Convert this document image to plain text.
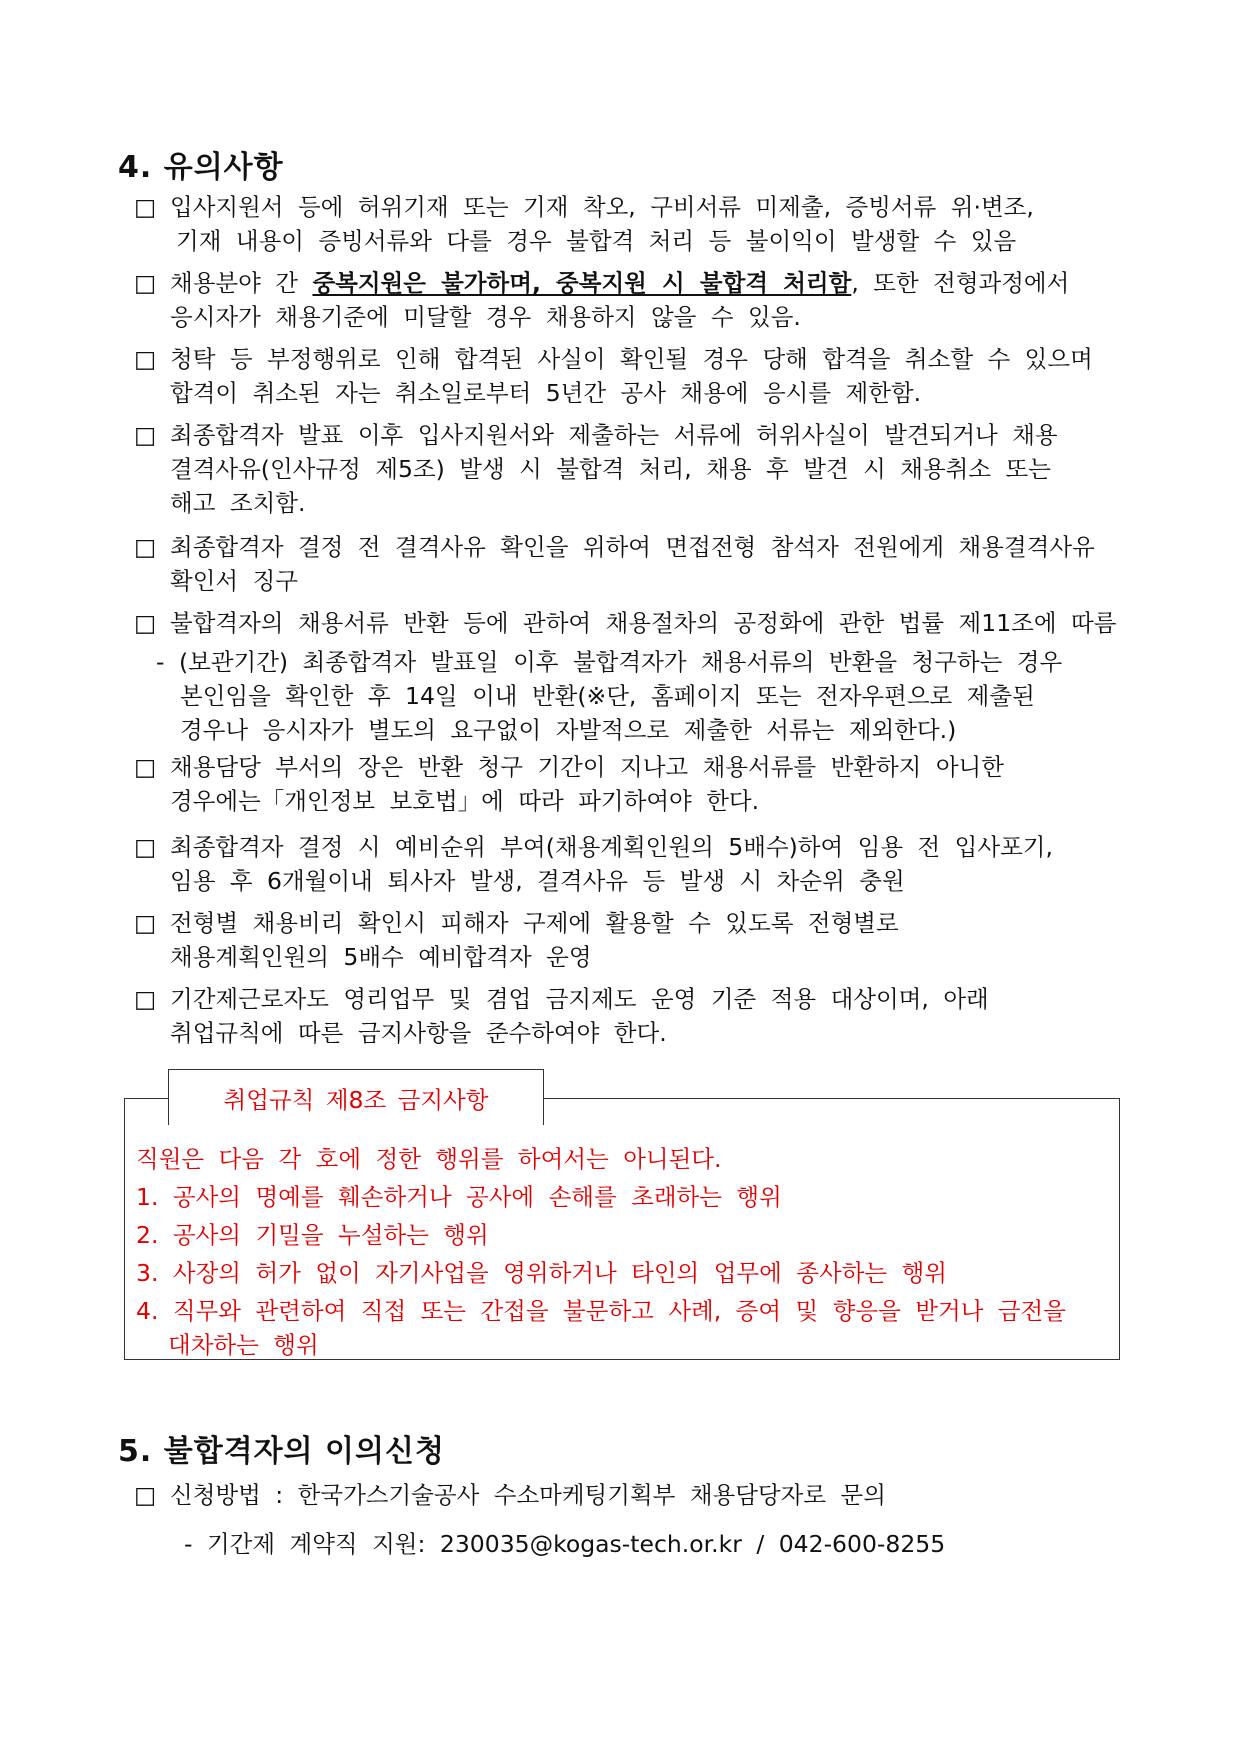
4. 유의사항
□ 입사지원서 등에 허위기재 또는 기재 착오, 구비서류 미제출, 증빙서류 위·변조,
기재 내용이 증빙서류와 다를 경우 불합격 처리 등 불이익이 발생할 수 있음
□ 채용분야 간 중복지원은 불가하며, 중복지원 시 불합격 처리함, 또한 전형과정에서
응시자가 채용기준에 미달할 경우 채용하지 않을 수 있음.
□ 청탁 등 부정행위로 인해 합격된 사실이 확인될 경우 당해 합격을 취소할 수 있으며
합격이 취소된 자는 취소일로부터 5년간 공사 채용에 응시를 제한함.
□ 최종합격자 발표 이후 입사지원서와 제출하는 서류에 허위사실이 발견되거나 채용
결격사유(인사규정 제5조) 발생 시 불합격 처리, 채용 후 발견 시 채용취소 또는
해고 조치함.
□ 최종합격자 결정 전 결격사유 확인을 위하여 면접전형 참석자 전원에게 채용결격사유
확인서 징구
□ 불합격자의 채용서류 반환 등에 관하여 채용절차의 공정화에 관한 법률 제11조에 따름
- (보관기간) 최종합격자 발표일 이후 불합격자가 채용서류의 반환을 청구하는 경우
본인임을 확인한 후 14일 이내 반환(※단, 홈페이지 또는 전자우편으로 제출된
경우나 응시자가 별도의 요구없이 자발적으로 제출한 서류는 제외한다.)
□ 채용담당 부서의 장은 반환 청구 기간이 지나고 채용서류를 반환하지 아니한
경우에는「개인정보 보호법」에 따라 파기하여야 한다.
□ 최종합격자 결정 시 예비순위 부여(채용계획인원의 5배수)하여 임용 전 입사포기,
임용 후 6개월이내 퇴사자 발생, 결격사유 등 발생 시 차순위 충원
□ 전형별 채용비리 확인시 피해자 구제에 활용할 수 있도록 전형별로
채용계획인원의 5배수 예비합격자 운영
□ 기간제근로자도 영리업무 및 겸업 금지제도 운영 기준 적용 대상이며, 아래
취업규칙에 따른 금지사항을 준수하여야 한다.
취업규칙 제8조 금지사항
직원은 다음 각 호에 정한 행위를 하여서는 아니된다.
1. 공사의 명예를 훼손하거나 공사에 손해를 초래하는 행위
2. 공사의 기밀을 누설하는 행위
3. 사장의 허가 없이 자기사업을 영위하거나 타인의 업무에 종사하는 행위
4. 직무와 관련하여 직접 또는 간접을 불문하고 사례, 증여 및 향응을 받거나 금전을
대차하는 행위
5. 불합격자의 이의신청
□ 신청방법 : 한국가스기술공사 수소마케팅기획부 채용담당자로 문의
- 기간제 계약직 지원: 230035@kogas-tech.or.kr / 042-600-8255
